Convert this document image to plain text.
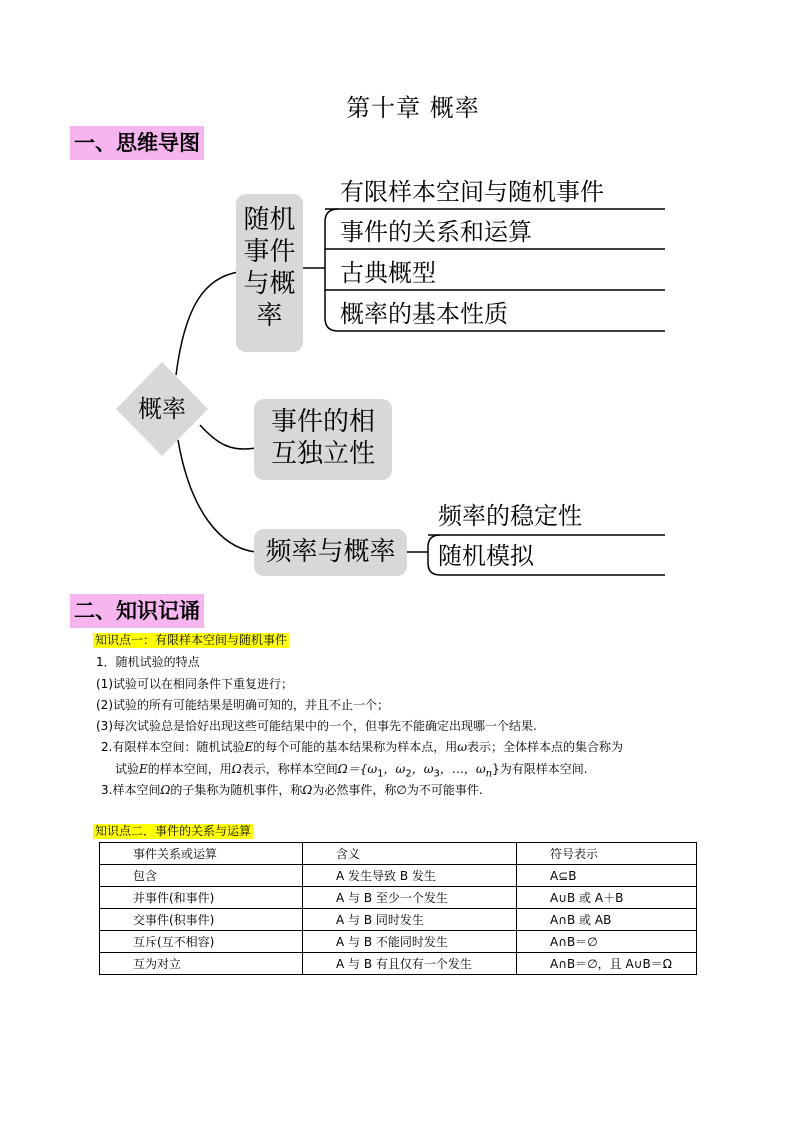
第十章 概率
一、思维导图
概率
随机
事件
与概
率
有限样本空间与随机事件
事件的关系和运算
古典概型
概率的基本性质
事件的相
互独立性
频率与概率
频率的稳定性
随机模拟
二、知识记诵
知识点一：有限样本空间与随机事件
1．随机试验的特点
(1)试验可以在相同条件下重复进行；
(2)试验的所有可能结果是明确可知的，并且不止一个；
(3)每次试验总是恰好出现这些可能结果中的一个，但事先不能确定出现哪一个结果.
2.有限样本空间：随机试验E的每个可能的基本结果称为样本点，用ω表示；全体样本点的集合称为
试验E的样本空间，用Ω表示，称样本空间$\Omega=\{\omega_1$，$\omega_2$，$\omega_3$，…，$\omega_n$}为有限样本空间.
3.样本空间Ω的子集称为随机事件，称Ω为必然事件，称∅为不可能事件.
知识点二．事件的关系与运算
事件关系或运算	含义	符号表示
包含	A 发生导致 B 发生	A⊆B
并事件(和事件)	A 与 B 至少一个发生	A∪B 或 A＋B
交事件(积事件)	A 与 B 同时发生	A∩B 或 AB
互斥(互不相容)	A 与 B 不能同时发生	A∩B＝∅
互为对立	A 与 B 有且仅有一个发生	A∩B＝∅，且 A∪B＝Ω
